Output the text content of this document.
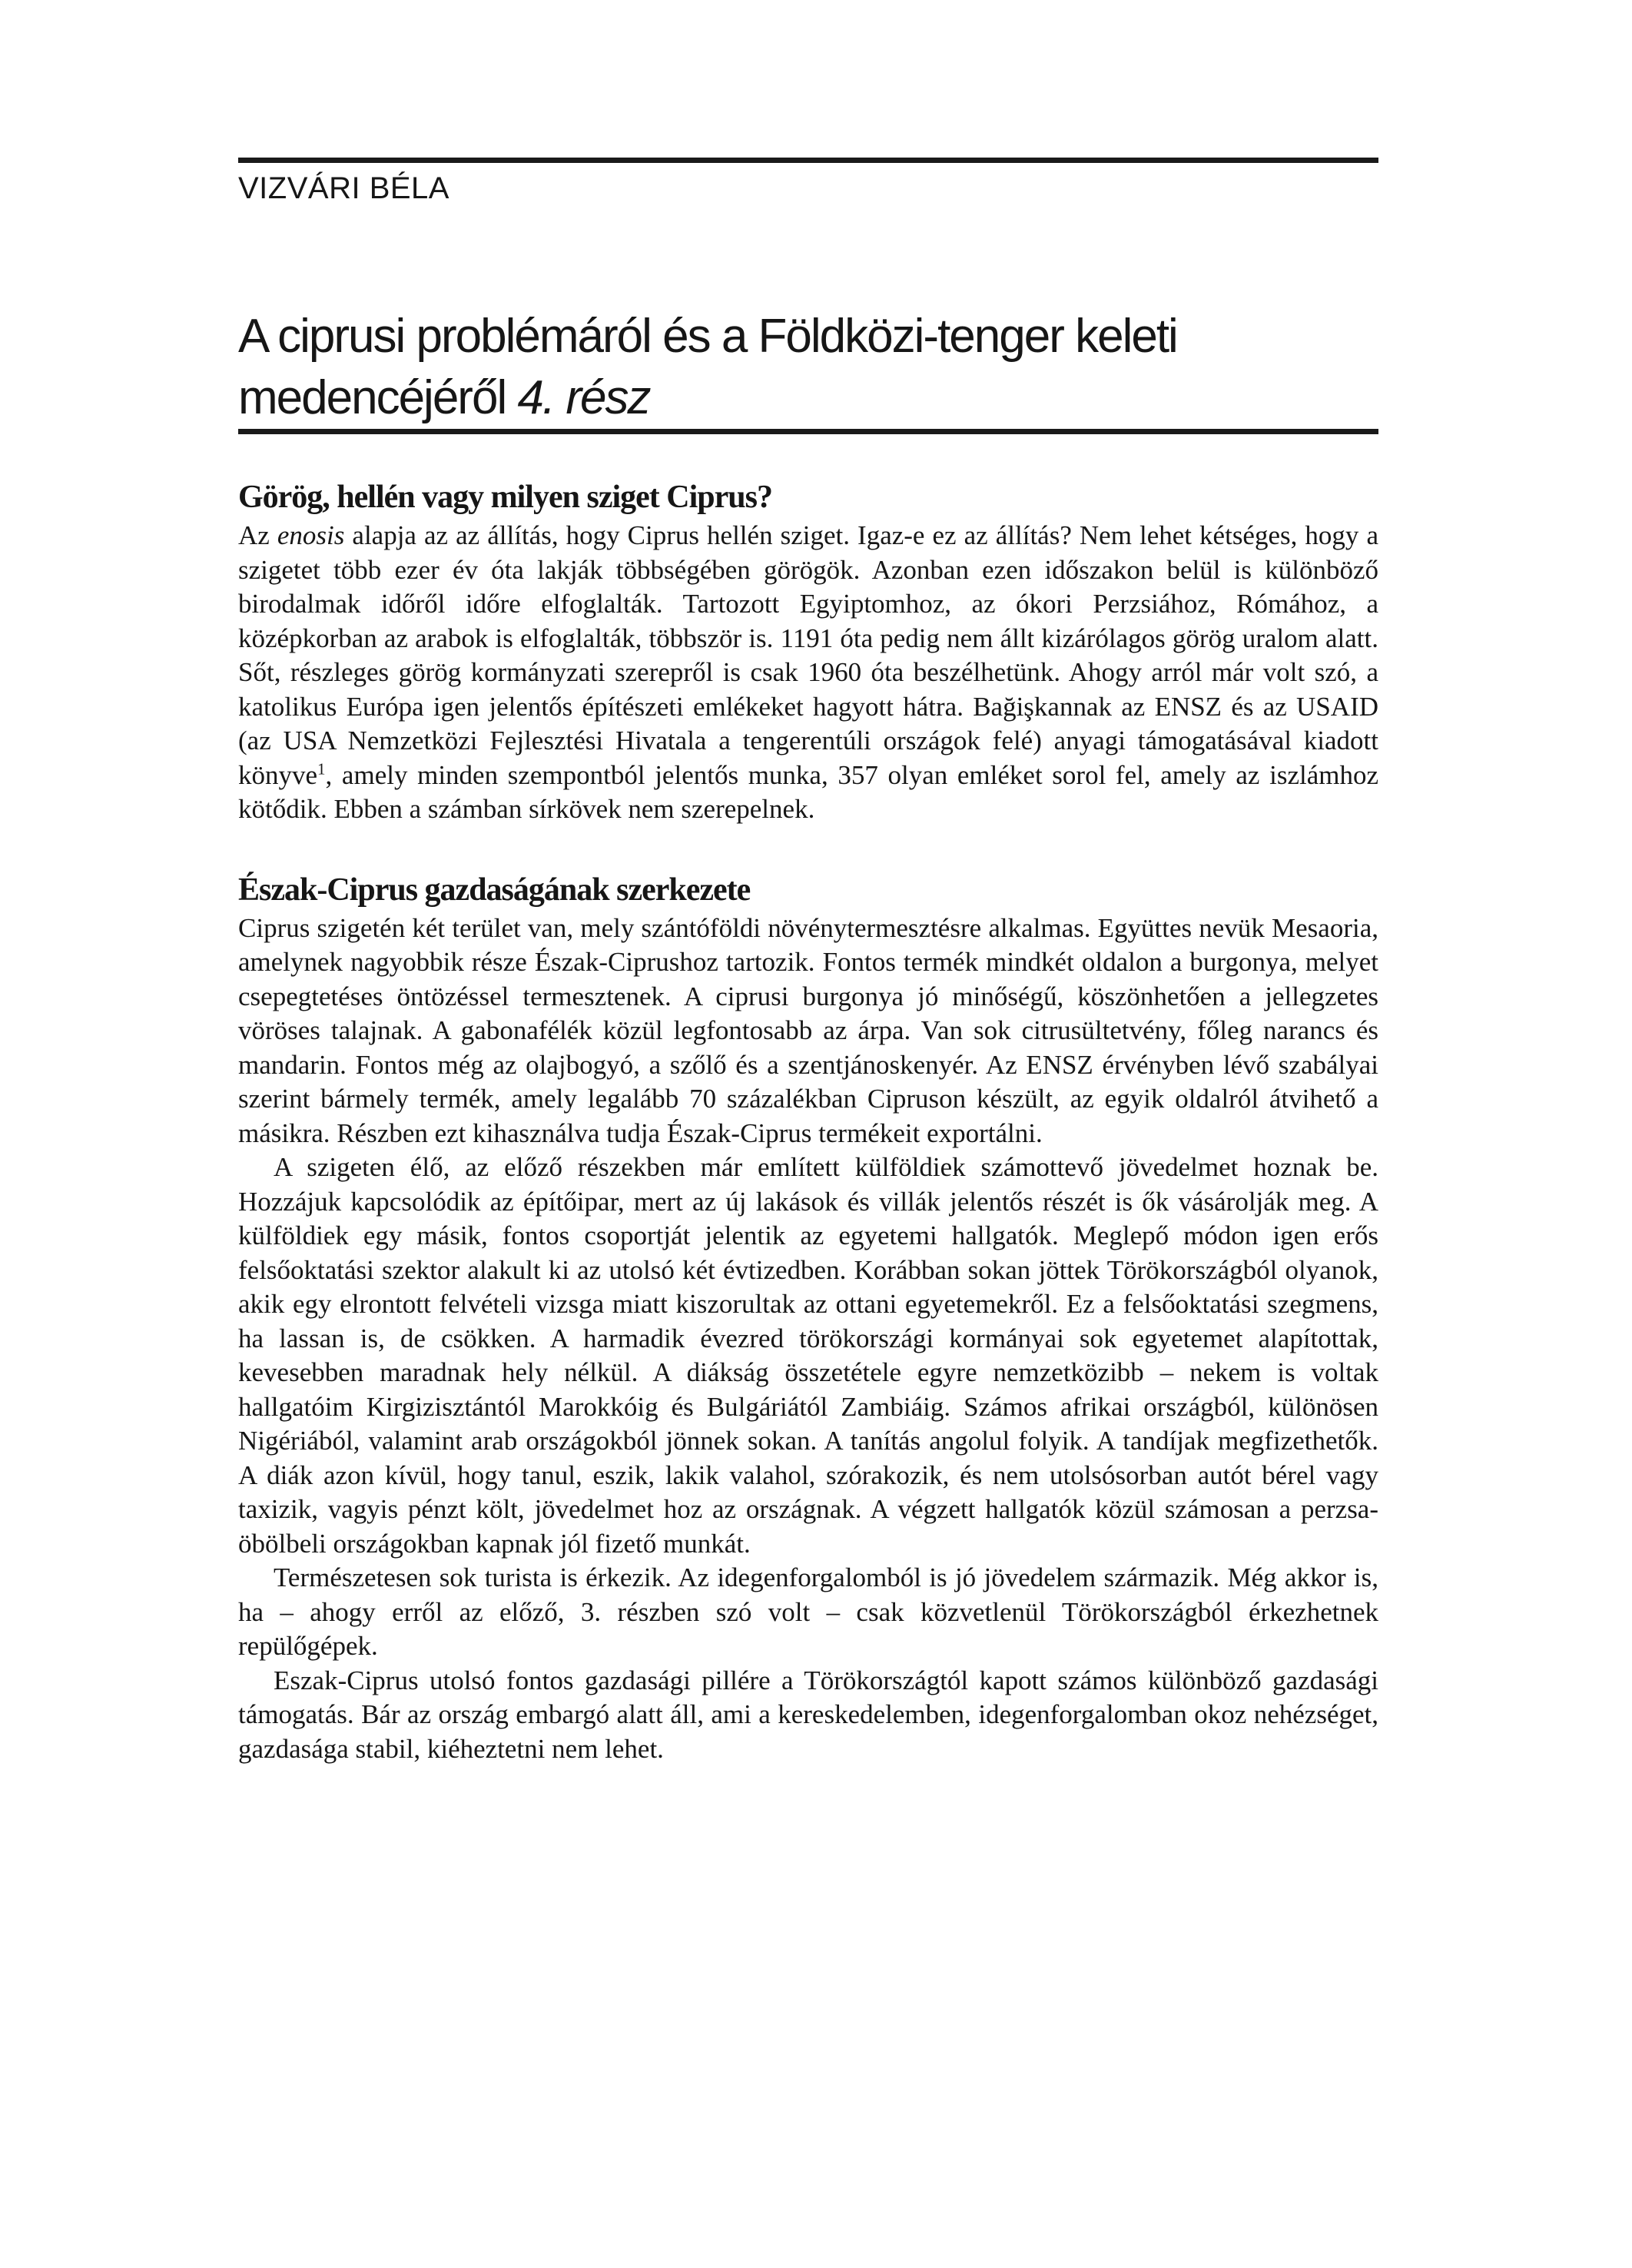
VIZVÁRI BÉLA
A ciprusi problémáról és a Földközi-tenger keleti
medencéjéről 4. rész
Görög, hellén vagy milyen sziget Ciprus?

Az enosis alapja az az állítás, hogy Ciprus hellén sziget. Igaz-e ez az állítás? Nem lehet kétséges, hogy a szigetet több ezer év óta lakják többségében görögök. Azonban ezen időszakon belül is különböző birodalmak időről időre elfoglalták. Tartozott Egyiptomhoz, az ókori Perzsiához, Rómához, a középkorban az arabok is elfoglalták, többször is. 1191 óta pedig nem állt kizárólagos görög uralom alatt. Sőt, részleges görög kormányzati szerepről is csak 1960 óta beszélhetünk. Ahogy arról már volt szó, a katolikus Európa igen jelentős építészeti emlékeket hagyott hátra. Bağişkannak az ENSZ és az USAID (az USA Nemzetközi Fejlesztési Hivatala a tengerentúli országok felé) anyagi támogatásával kiadott könyve$^1$, amely minden szempontból jelentős munka, 357 olyan emléket sorol fel, amely az iszlámhoz kötődik. Ebben a számban sírkövek nem szerepelnek.

Észak-Ciprus gazdaságának szerkezete

Ciprus szigetén két terület van, mely szántóföldi növénytermesztésre alkalmas. Együttes nevük Mesaoria, amelynek nagyobbik része Észak-Ciprushoz tartozik. Fontos termék mindkét oldalon a burgonya, melyet csepegtetéses öntözéssel termesztenek. A ciprusi burgonya jó minőségű, köszönhetően a jellegzetes vöröses talajnak. A gabonafélék közül legfontosabb az árpa. Van sok citrusültetvény, főleg narancs és mandarin. Fontos még az olajbogyó, a szőlő és a szentjánoskenyér. Az ENSZ érvényben lévő szabályai szerint bármely termék, amely legalább 70 százalékban Cipruson készült, az egyik oldalról átvihető a másikra. Részben ezt kihasználva tudja Észak-Ciprus termékeit exportálni.

A szigeten élő, az előző részekben már említett külföldiek számottevő jövedelmet hoznak be. Hozzájuk kapcsolódik az építőipar, mert az új lakások és villák jelentős részét is ők vásárolják meg. A külföldiek egy másik, fontos csoportját jelentik az egyetemi hallgatók. Meglepő módon igen erős felsőoktatási szektor alakult ki az utolsó két évtizedben. Korábban sokan jöttek Törökországból olyanok, akik egy elrontott felvételi vizsga miatt kiszorultak az ottani egyetemekről. Ez a felsőoktatási szegmens, ha lassan is, de csökken. A harmadik évezred törökországi kormányai sok egyetemet alapítottak, kevesebben maradnak hely nélkül. A diákság összetétele egyre nemzetközibb – nekem is voltak hallgatóim Kirgizisztántól Marokkóig és Bulgáriától Zambiáig. Számos afrikai országból, különösen Nigériából, valamint arab országokból jönnek sokan. A tanítás angolul folyik. A tandíjak megfizethetők. A diák azon kívül, hogy tanul, eszik, lakik valahol, szórakozik, és nem utolsósorban autót bérel vagy taxizik, vagyis pénzt költ, jövedelmet hoz az országnak. A végzett hallgatók közül számosan a perzsa-öbölbeli országokban kapnak jól fizető munkát.

Természetesen sok turista is érkezik. Az idegenforgalomból is jó jövedelem származik. Még akkor is, ha – ahogy erről az előző, 3. részben szó volt – csak közvetlenül Törökországból érkezhetnek repülőgépek.

Eszak-Ciprus utolsó fontos gazdasági pillére a Törökországtól kapott számos különböző gazdasági támogatás. Bár az ország embargó alatt áll, ami a kereskedelemben, idegenforgalomban okoz nehézséget, gazdasága stabil, kiéheztetni nem lehet.
